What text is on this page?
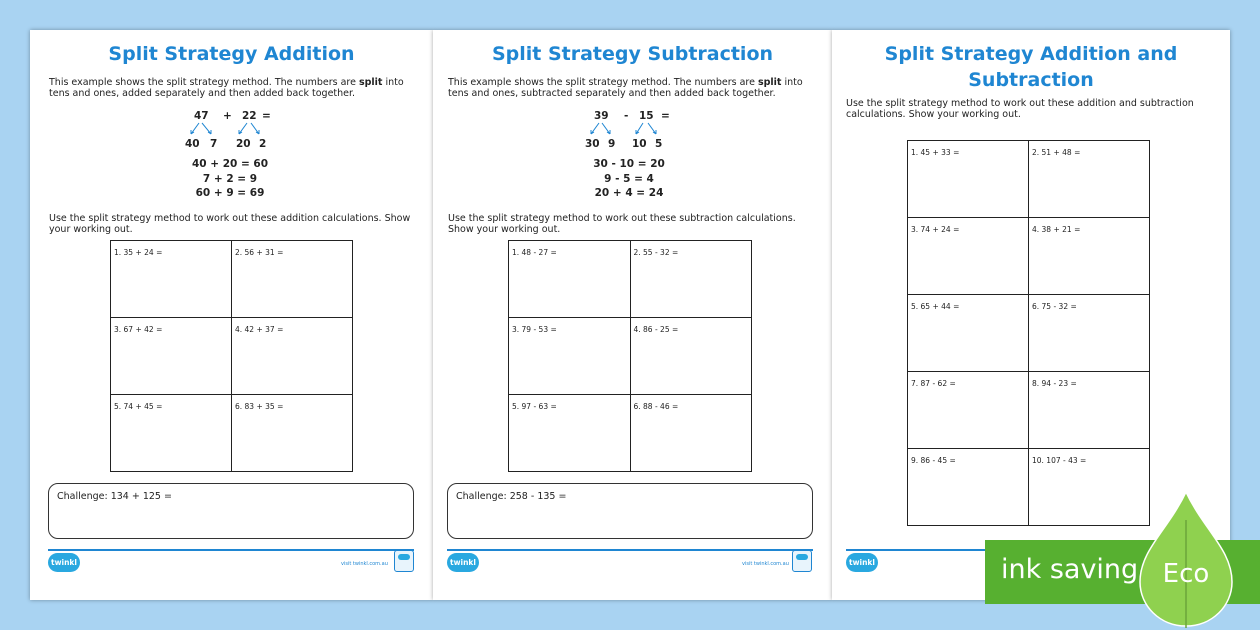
Split Strategy Addition
This example shows the split strategy method. The numbers are split into tens and ones, added separately and then added back together.
47 + 22 =
40 7 20 2
40 + 20 = 60
7 + 2 = 9
60 + 9 = 69
Use the split strategy method to work out these addition calculations. Show your working out.
1. 35 + 24 =	2. 56 + 31 =
3. 67 + 42 =	4. 42 + 37 =
5. 74 + 45 =	6. 83 + 35 =
Challenge: 134 + 125 =
twinkl	visit twinkl.com.au
Split Strategy Subtraction
This example shows the split strategy method. The numbers are split into tens and ones, subtracted separately and then added back together.
39 - 15 =
30 9 10 5
30 - 10 = 20
9 - 5 = 4
20 + 4 = 24
Use the split strategy method to work out these subtraction calculations. Show your working out.
1. 48 - 27 =	2. 55 - 32 =
3. 79 - 53 =	4. 86 - 25 =
5. 97 - 63 =	6. 88 - 46 =
Challenge: 258 - 135 =
twinkl	visit twinkl.com.au
Split Strategy Addition and
Subtraction
Use the split strategy method to work out these addition and subtraction calculations. Show your working out.
1. 45 + 33 =	2. 51 + 48 =
3. 74 + 24 =	4. 38 + 21 =
5. 65 + 44 =	6. 75 - 32 =
7. 87 - 62 =	8. 94 - 23 =
9. 86 - 45 =	10. 107 - 43 =
twinkl	ink saving Eco
